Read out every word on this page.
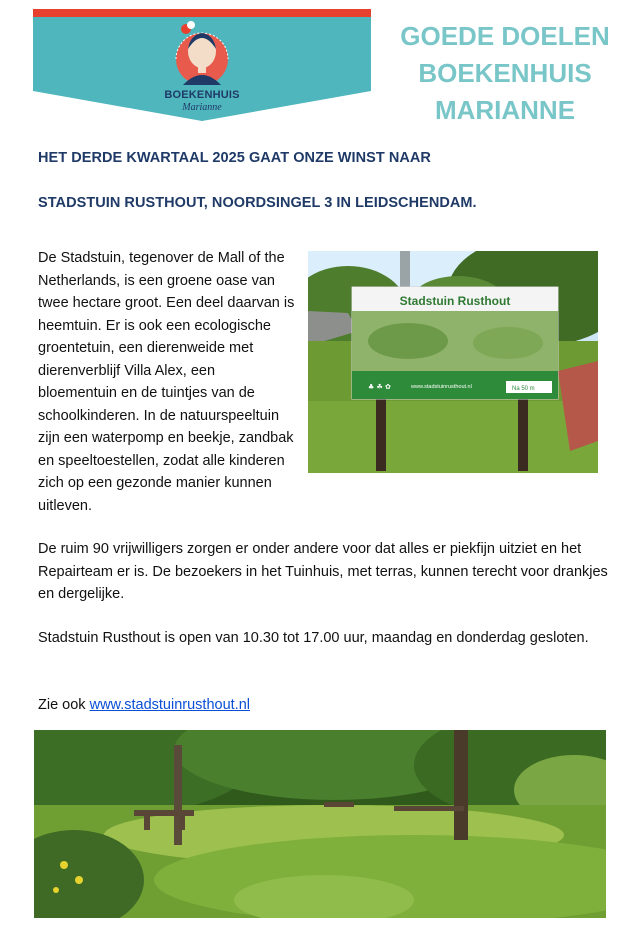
BOEKENHUIS
Marianne
GOEDE DOELEN
BOEKENHUIS
MARIANNE
HET DERDE KWARTAAL 2025 GAAT ONZE WINST NAAR
STADSTUIN RUSTHOUT, NOORDSINGEL 3 IN LEIDSCHENDAM.
Stadstuin Rusthout
www.stadstuinrusthout.nl	Na 50 m
♣ ☘ ✿
De Stadstuin, tegenover de Mall of the Netherlands, is een groene oase van twee hectare groot. Een deel daarvan is heemtuin. Er is ook een ecologische groentetuin, een dierenweide met dierenverblijf Villa Alex, een bloementuin en de tuintjes van de schoolkinderen. In de natuurspeeltuin zijn een waterpomp en beekje, zandbak en speeltoestellen, zodat alle kinderen zich op een gezonde manier kunnen uitleven.
De ruim 90 vrijwilligers zorgen er onder andere voor dat alles er piekfijn uitziet en het Repairteam er is. De bezoekers in het Tuinhuis, met terras, kunnen terecht voor drankjes en dergelijke.
Stadstuin Rusthout is open van 10.30 tot 17.00 uur, maandag en donderdag gesloten.
Zie ook www.stadstuinrusthout.nl
